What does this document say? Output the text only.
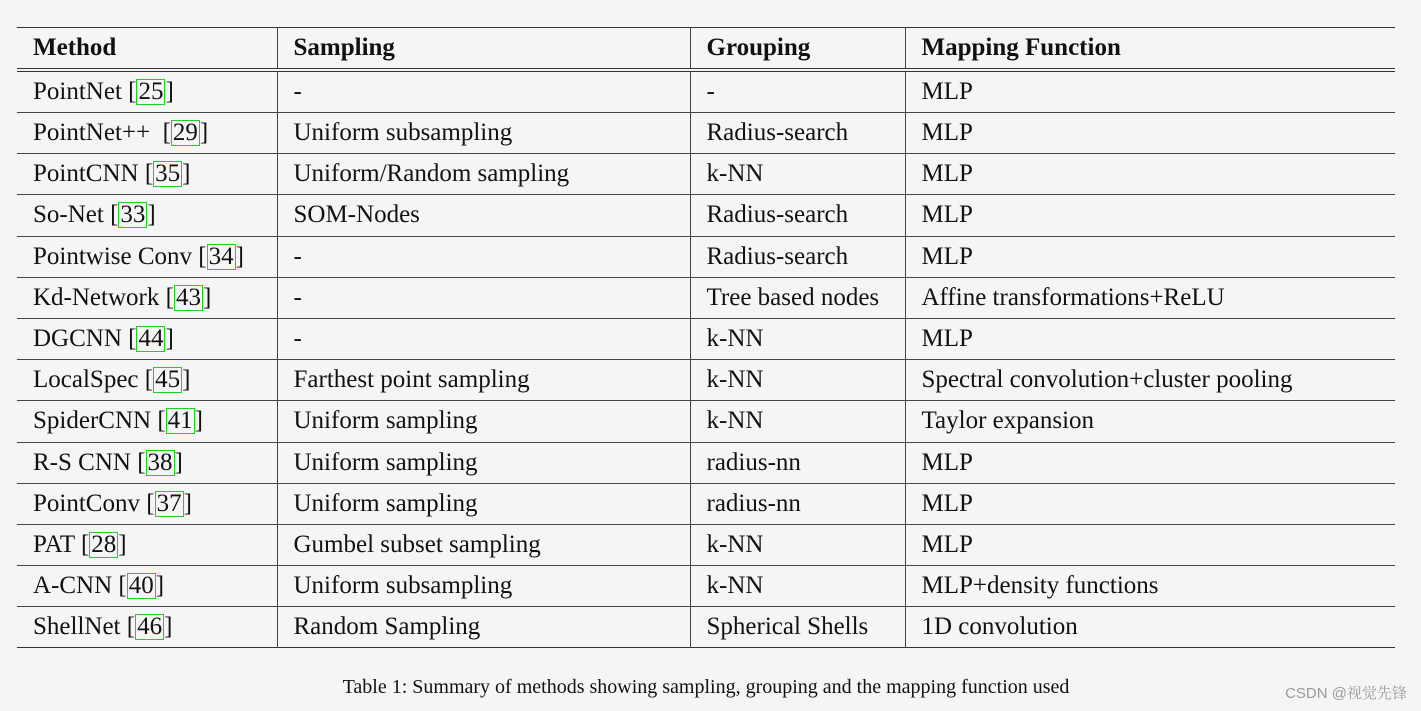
Method	Sampling	Grouping	Mapping Function
PointNet [25]	-	-	MLP
PointNet++  [29]	Uniform subsampling	Radius-search	MLP
PointCNN [35]	Uniform/Random sampling	k-NN	MLP
So-Net [33]	SOM-Nodes	Radius-search	MLP
Pointwise Conv [34]	-	Radius-search	MLP
Kd-Network [43]	-	Tree based nodes	Affine transformations+ReLU
DGCNN [44]	-	k-NN	MLP
LocalSpec [45]	Farthest point sampling	k-NN	Spectral convolution+cluster pooling
SpiderCNN [41]	Uniform sampling	k-NN	Taylor expansion
R-S CNN [38]	Uniform sampling	radius-nn	MLP
PointConv [37]	Uniform sampling	radius-nn	MLP
PAT [28]	Gumbel subset sampling	k-NN	MLP
A-CNN [40]	Uniform subsampling	k-NN	MLP+density functions
ShellNet [46]	Random Sampling	Spherical Shells	1D convolution
Table 1: Summary of methods showing sampling, grouping and the mapping function used	CSDN @视觉先锋
